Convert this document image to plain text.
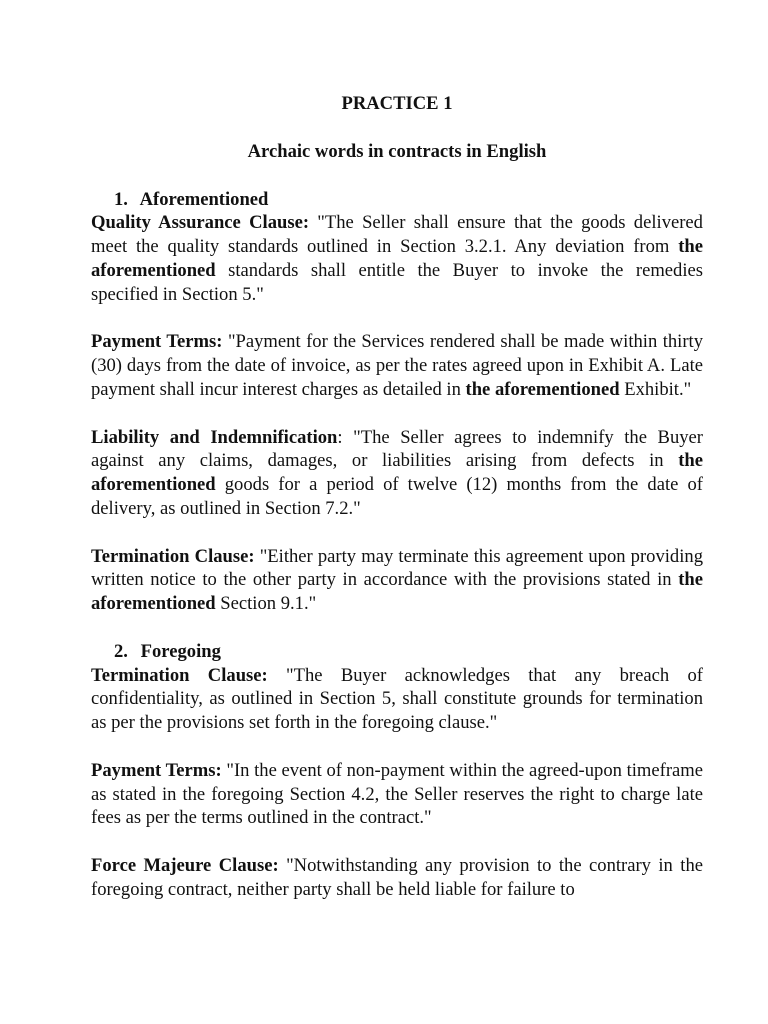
PRACTICE 1

Archaic words in contracts in English

1. Aforementioned

Quality Assurance Clause: "The Seller shall ensure that the goods delivered meet the quality standards outlined in Section 3.2.1. Any deviation from the aforementioned standards shall entitle the Buyer to invoke the remedies specified in Section 5."

Payment Terms: "Payment for the Services rendered shall be made within thirty (30) days from the date of invoice, as per the rates agreed upon in Exhibit A. Late payment shall incur interest charges as detailed in the aforementioned Exhibit."

Liability and Indemnification: "The Seller agrees to indemnify the Buyer against any claims, damages, or liabilities arising from defects in the aforementioned goods for a period of twelve (12) months from the date of delivery, as outlined in Section 7.2."

Termination Clause: "Either party may terminate this agreement upon providing written notice to the other party in accordance with the provisions stated in the aforementioned Section 9.1."

2. Foregoing

Termination Clause: "The Buyer acknowledges that any breach of confidentiality, as outlined in Section 5, shall constitute grounds for termination as per the provisions set forth in the foregoing clause."

Payment Terms: "In the event of non-payment within the agreed-upon timeframe as stated in the foregoing Section 4.2, the Seller reserves the right to charge late fees as per the terms outlined in the contract."

Force Majeure Clause: "Notwithstanding any provision to the contrary in the foregoing contract, neither party shall be held liable for failure to
